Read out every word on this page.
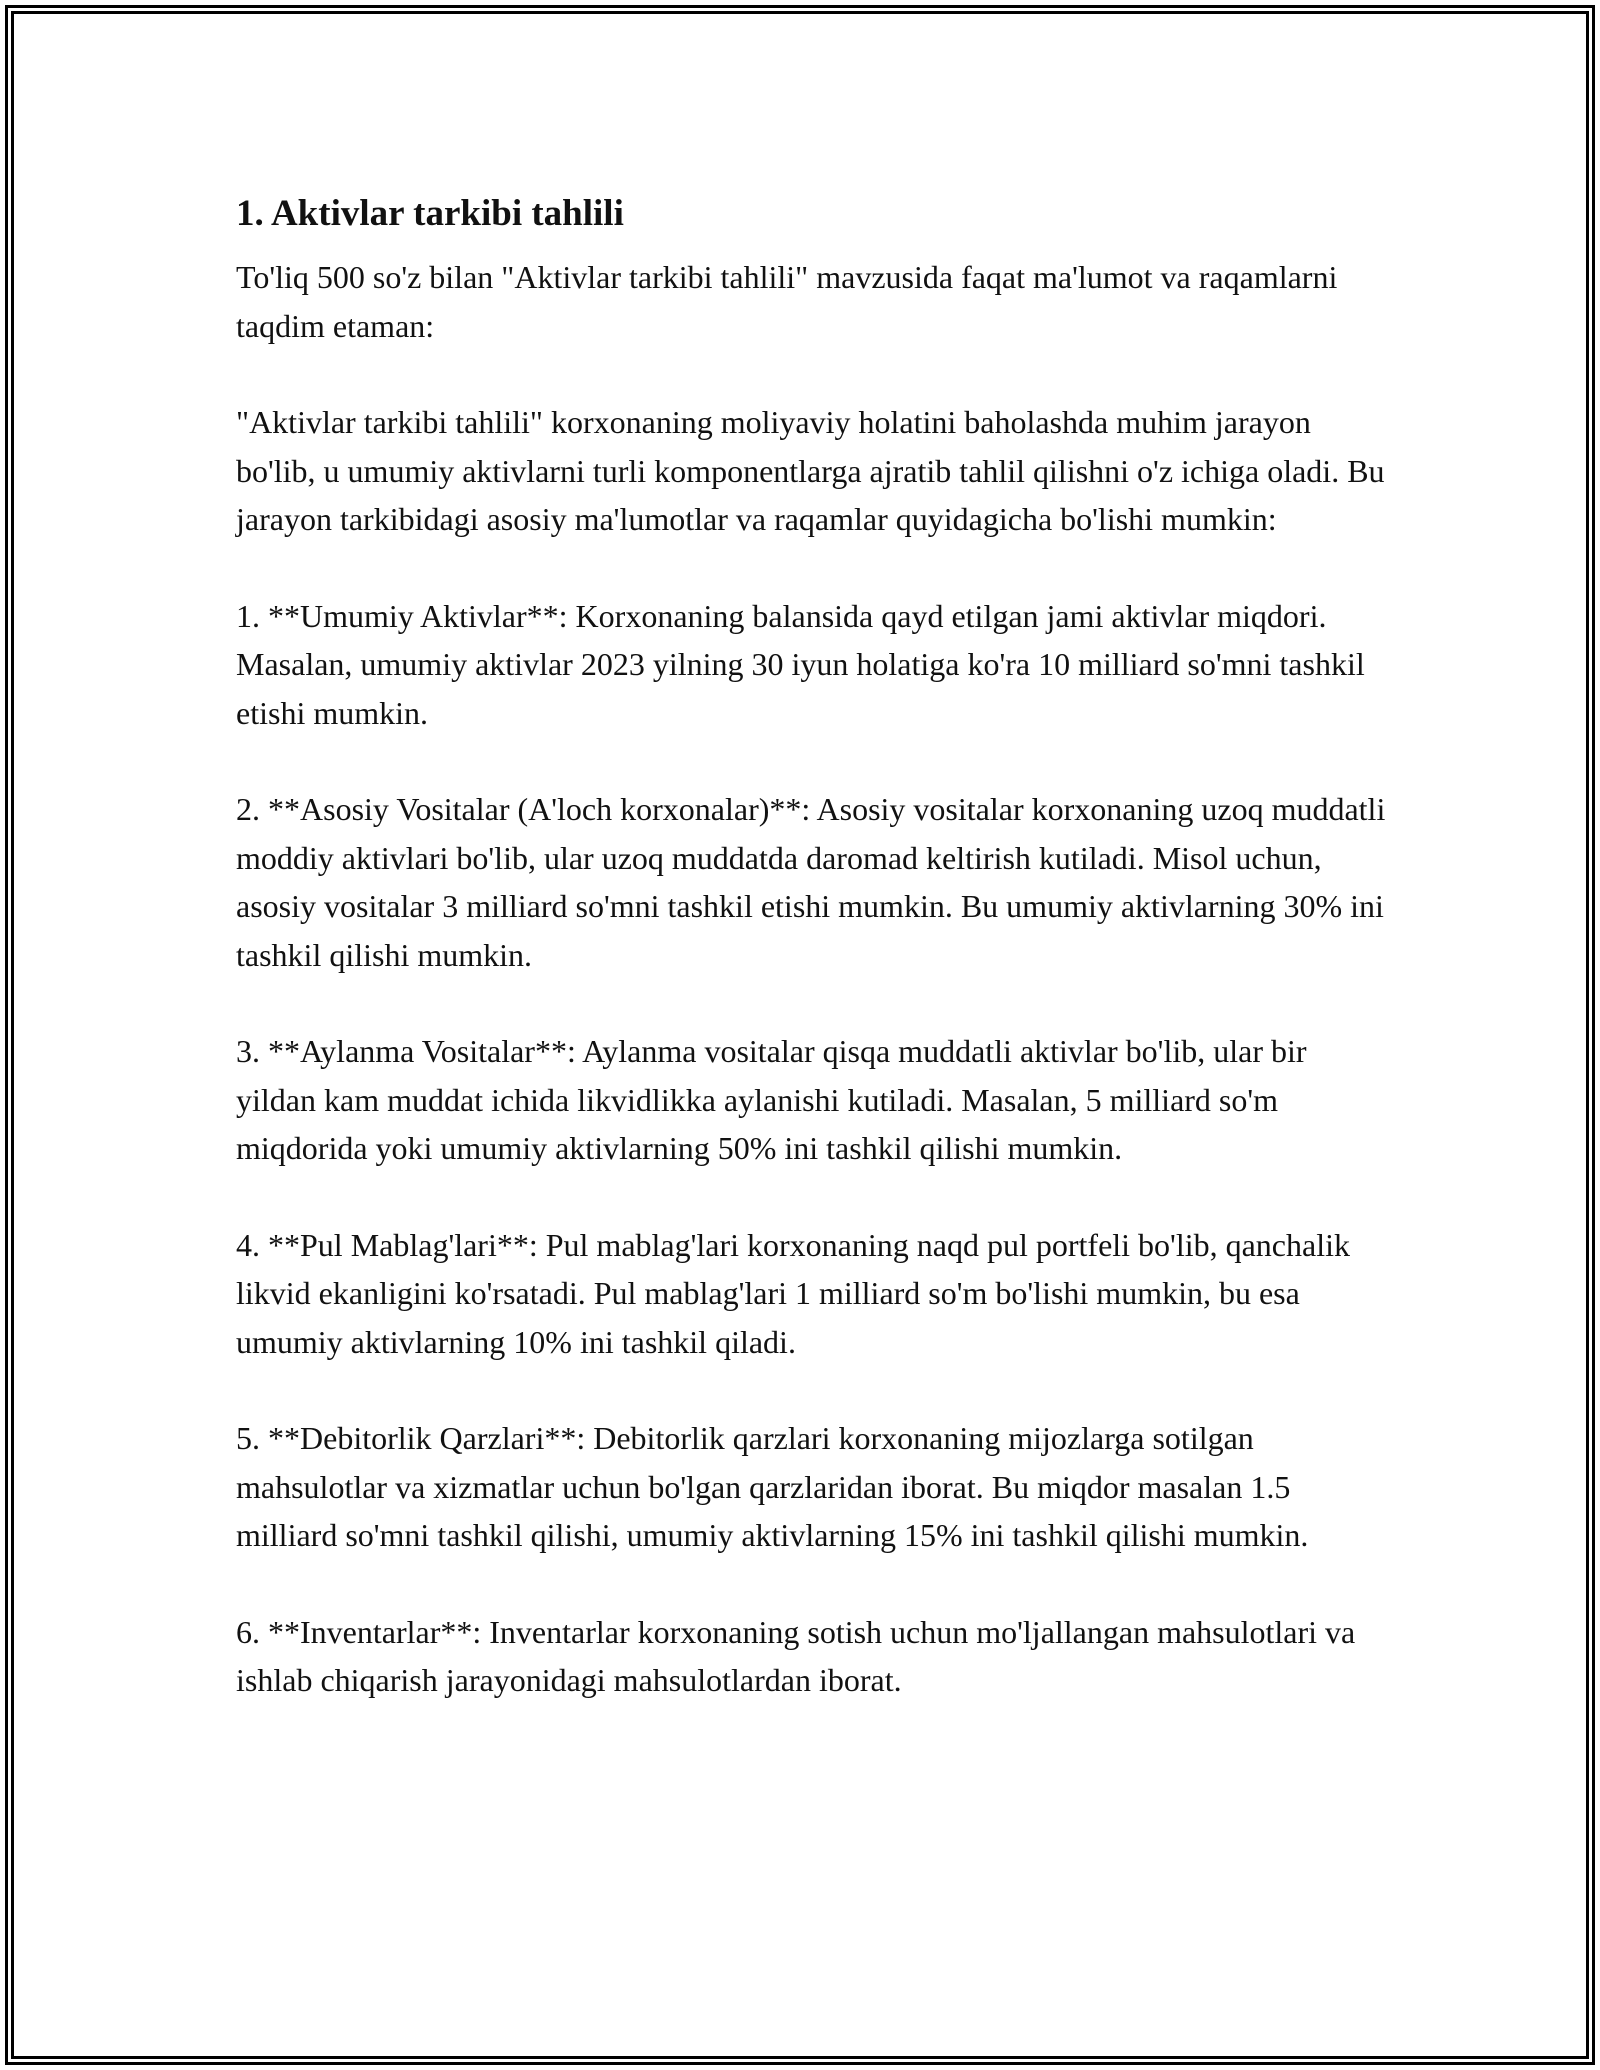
1. Aktivlar tarkibi tahlili

To'liq 500 so'z bilan "Aktivlar tarkibi tahlili" mavzusida faqat ma'lumot va raqamlarni taqdim etaman:

"Aktivlar tarkibi tahlili" korxonaning moliyaviy holatini baholashda muhim jarayon bo'lib, u umumiy aktivlarni turli komponentlarga ajratib tahlil qilishni o'z ichiga oladi. Bu jarayon tarkibidagi asosiy ma'lumotlar va raqamlar quyidagicha bo'lishi mumkin:

1. **Umumiy Aktivlar**: Korxonaning balansida qayd etilgan jami aktivlar miqdori. Masalan, umumiy aktivlar 2023 yilning 30 iyun holatiga ko'ra 10 milliard so'mni tashkil etishi mumkin.

2. **Asosiy Vositalar (A'loch korxonalar)**: Asosiy vositalar korxonaning uzoq muddatli moddiy aktivlari bo'lib, ular uzoq muddatda daromad keltirish kutiladi. Misol uchun, asosiy vositalar 3 milliard so'mni tashkil etishi mumkin. Bu umumiy aktivlarning 30% ini tashkil qilishi mumkin.

3. **Aylanma Vositalar**: Aylanma vositalar qisqa muddatli aktivlar bo'lib, ular bir yildan kam muddat ichida likvidlikka aylanishi kutiladi. Masalan, 5 milliard so'm miqdorida yoki umumiy aktivlarning 50% ini tashkil qilishi mumkin.

4. **Pul Mablag'lari**: Pul mablag'lari korxonaning naqd pul portfeli bo'lib, qanchalik likvid ekanligini ko'rsatadi. Pul mablag'lari 1 milliard so'm bo'lishi mumkin, bu esa umumiy aktivlarning 10% ini tashkil qiladi.

5. **Debitorlik Qarzlari**: Debitorlik qarzlari korxonaning mijozlarga sotilgan mahsulotlar va xizmatlar uchun bo'lgan qarzlaridan iborat. Bu miqdor masalan 1.5 milliard so'mni tashkil qilishi, umumiy aktivlarning 15% ini tashkil qilishi mumkin.

6. **Inventarlar**: Inventarlar korxonaning sotish uchun mo'ljallangan mahsulotlari va ishlab chiqarish jarayonidagi mahsulotlardan iborat.
